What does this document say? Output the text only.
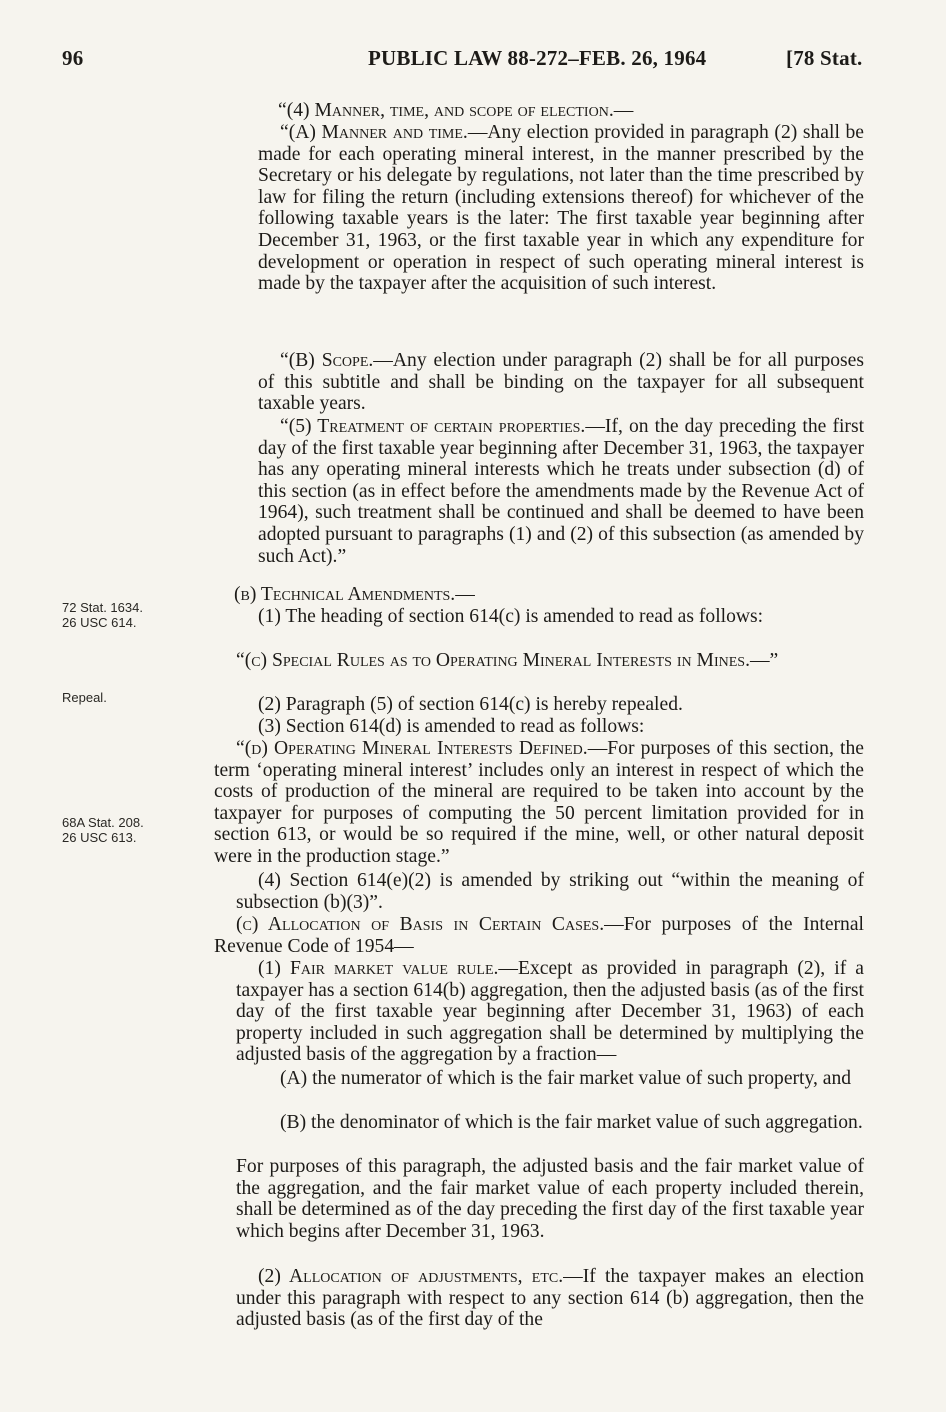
96	PUBLIC LAW 88-272–FEB. 26, 1964	[78 Stat.
72 Stat. 1634.
26 USC 614.
Repeal.
68A Stat. 208.
26 USC 613.
“(4) Manner, time, and scope of election.—

“(A) Manner and time.—Any election provided in paragraph (2) shall be made for each operating mineral interest, in the manner prescribed by the Secretary or his delegate by regulations, not later than the time prescribed by law for filing the return (including extensions thereof) for whichever of the following taxable years is the later: The first taxable year beginning after December 31, 1963, or the first taxable year in which any expenditure for development or operation in respect of such operating mineral interest is made by the taxpayer after the acquisition of such interest.

“(B) Scope.—Any election under paragraph (2) shall be for all purposes of this subtitle and shall be binding on the taxpayer for all subsequent taxable years.

“(5) Treatment of certain properties.—If, on the day preceding the first day of the first taxable year beginning after December 31, 1963, the taxpayer has any operating mineral interests which he treats under subsection (d) of this section (as in effect before the amendments made by the Revenue Act of 1964), such treatment shall be continued and shall be deemed to have been adopted pursuant to paragraphs (1) and (2) of this subsection (as amended by such Act).”

(b) Technical Amendments.—

(1) The heading of section 614(c) is amended to read as follows:

“(c) Special Rules as to Operating Mineral Interests in Mines.—”
(2) Paragraph (5) of section 614(c) is hereby repealed.
(3) Section 614(d) is amended to read as follows:

“(d) Operating Mineral Interests Defined.—For purposes of this section, the term ‘operating mineral interest’ includes only an interest in respect of which the costs of production of the mineral are required to be taken into account by the taxpayer for purposes of computing the 50 percent limitation provided for in section 613, or would be so required if the mine, well, or other natural deposit were in the production stage.”

(4) Section 614(e)(2) is amended by striking out “within the meaning of subsection (b)(3)”.

(c) Allocation of Basis in Certain Cases.—For purposes of the Internal Revenue Code of 1954—

(1) Fair market value rule.—Except as provided in paragraph (2), if a taxpayer has a section 614(b) aggregation, then the adjusted basis (as of the first day of the first taxable year beginning after December 31, 1963) of each property included in such aggregation shall be determined by multiplying the adjusted basis of the aggregation by a fraction—

(A) the numerator of which is the fair market value of such property, and

(B) the denominator of which is the fair market value of such aggregation.

For purposes of this paragraph, the adjusted basis and the fair market value of the aggregation, and the fair market value of each property included therein, shall be determined as of the day preceding the first day of the first taxable year which begins after December 31, 1963.

(2) Allocation of adjustments, etc.—If the taxpayer makes an election under this paragraph with respect to any section 614 (b) aggregation, then the adjusted basis (as of the first day of the
